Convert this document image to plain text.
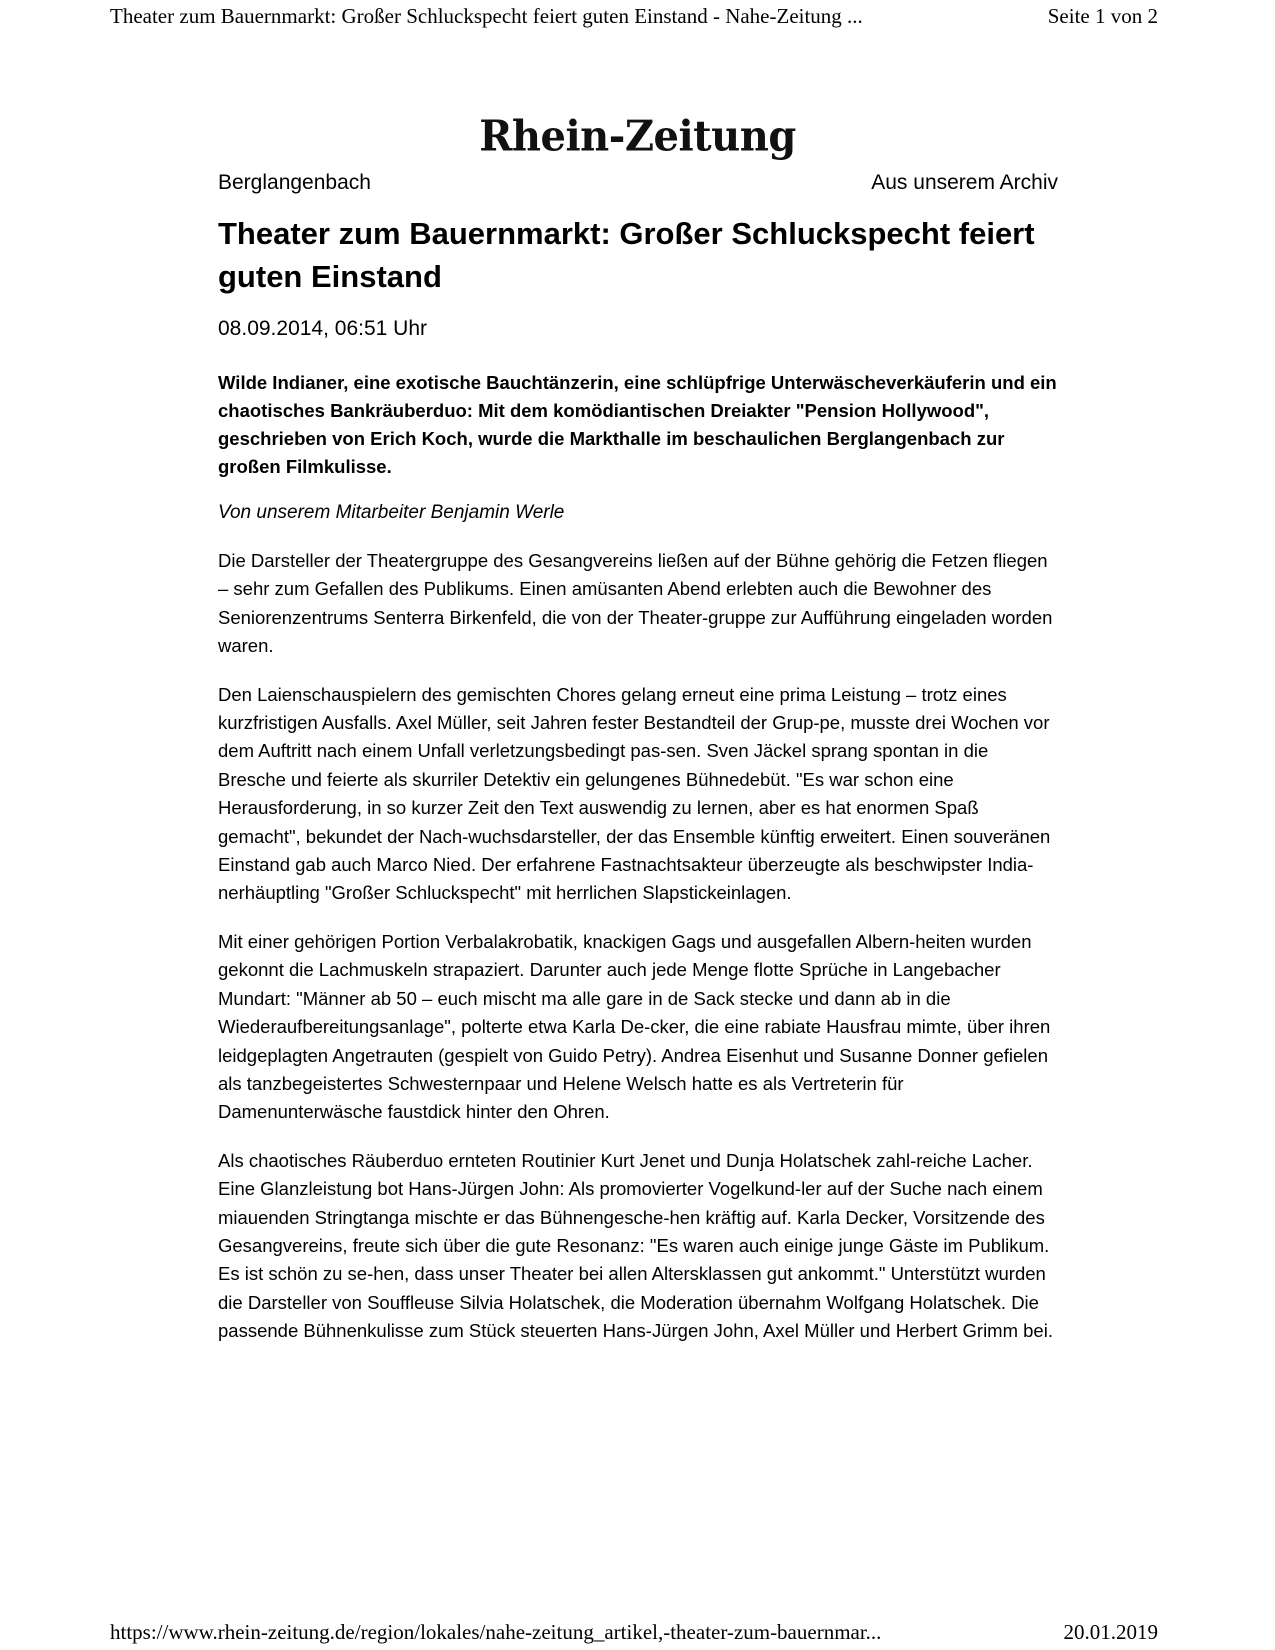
Theater zum Bauernmarkt: Großer Schluckspecht feiert guten Einstand - Nahe-Zeitung ...	Seite 1 von 2
Rhein-Zeitung
Berglangenbach	Aus unserem Archiv
Theater zum Bauernmarkt: Großer Schluckspecht feiert guten Einstand
08.09.2014, 06:51 Uhr
Wilde Indianer, eine exotische Bauchtänzerin, eine schlüpfrige Unterwäscheverkäuferin und ein chaotisches Bankräuberduo: Mit dem komödiantischen Dreiakter "Pension Hollywood", geschrieben von Erich Koch, wurde die Markthalle im beschaulichen Berglangenbach zur großen Filmkulisse.
Von unserem Mitarbeiter Benjamin Werle
Die Darsteller der Theatergruppe des Gesangvereins ließen auf der Bühne gehörig die Fetzen fliegen – sehr zum Gefallen des Publikums. Einen amüsanten Abend erlebten auch die Bewohner des Seniorenzentrums Senterra Birkenfeld, die von der Theater-gruppe zur Aufführung eingeladen worden waren.
Den Laienschauspielern des gemischten Chores gelang erneut eine prima Leistung – trotz eines kurzfristigen Ausfalls. Axel Müller, seit Jahren fester Bestandteil der Grup-pe, musste drei Wochen vor dem Auftritt nach einem Unfall verletzungsbedingt pas-sen. Sven Jäckel sprang spontan in die Bresche und feierte als skurriler Detektiv ein gelungenes Bühnedebüt. "Es war schon eine Herausforderung, in so kurzer Zeit den Text auswendig zu lernen, aber es hat enormen Spaß gemacht", bekundet der Nach-wuchsdarsteller, der das Ensemble künftig erweitert. Einen souveränen Einstand gab auch Marco Nied. Der erfahrene Fastnachtsakteur überzeugte als beschwipster India-nerhäuptling "Großer Schluckspecht" mit herrlichen Slapstickeinlagen.
Mit einer gehörigen Portion Verbalakrobatik, knackigen Gags und ausgefallen Albern-heiten wurden gekonnt die Lachmuskeln strapaziert. Darunter auch jede Menge flotte Sprüche in Langebacher Mundart: "Männer ab 50 – euch mischt ma alle gare in de Sack stecke und dann ab in die Wiederaufbereitungsanlage", polterte etwa Karla De-cker, die eine rabiate Hausfrau mimte, über ihren leidgeplagten Angetrauten (gespielt von Guido Petry). Andrea Eisenhut und Susanne Donner gefielen als tanzbegeistertes Schwesternpaar und Helene Welsch hatte es als Vertreterin für Damenunterwäsche faustdick hinter den Ohren.
Als chaotisches Räuberduo ernteten Routinier Kurt Jenet und Dunja Holatschek zahl-reiche Lacher. Eine Glanzleistung bot Hans-Jürgen John: Als promovierter Vogelkund-ler auf der Suche nach einem miauenden Stringtanga mischte er das Bühnengesche-hen kräftig auf. Karla Decker, Vorsitzende des Gesangvereins, freute sich über die gute Resonanz: "Es waren auch einige junge Gäste im Publikum. Es ist schön zu se-hen, dass unser Theater bei allen Altersklassen gut ankommt." Unterstützt wurden die Darsteller von Souffleuse Silvia Holatschek, die Moderation übernahm Wolfgang Holatschek. Die passende Bühnenkulisse zum Stück steuerten Hans-Jürgen John, Axel Müller und Herbert Grimm bei.
https://www.rhein-zeitung.de/region/lokales/nahe-zeitung_artikel,-theater-zum-bauernmar...	20.01.2019
